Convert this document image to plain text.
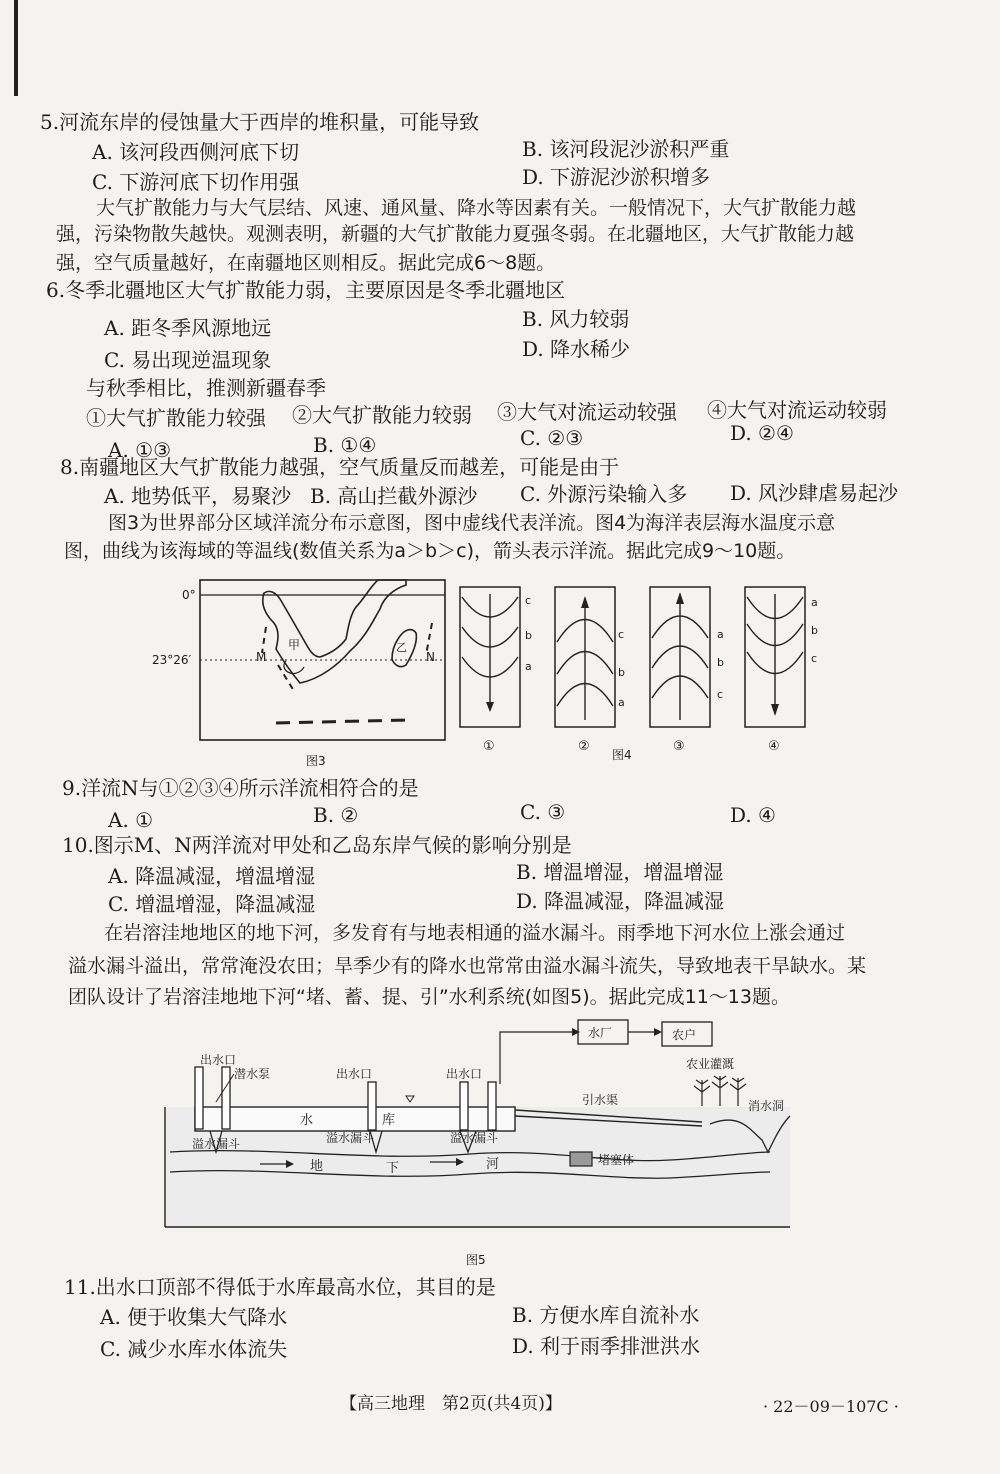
5.河流东岸的侵蚀量大于西岸的堆积量，可能导致
A. 该河段西侧河底下切	B. 该河段泥沙淤积严重
C. 下游河底下切作用强	D. 下游泥沙淤积增多
大气扩散能力与大气层结、风速、通风量、降水等因素有关。一般情况下，大气扩散能力越
强，污染物散失越快。观测表明，新疆的大气扩散能力夏强冬弱。在北疆地区，大气扩散能力越
强，空气质量越好，在南疆地区则相反。据此完成6～8题。
6.冬季北疆地区大气扩散能力弱，主要原因是冬季北疆地区
A. 距冬季风源地远	B. 风力较弱
C. 易出现逆温现象	D. 降水稀少
与秋季相比，推测新疆春季
①大气扩散能力较强 ②大气扩散能力较弱 ③大气对流运动较强 ④大气对流运动较弱
A. ①③	B. ①④	C. ②③	D. ②④
8.南疆地区大气扩散能力越强，空气质量反而越差，可能是由于
A. 地势低平，易聚沙 B. 高山拦截外源沙 C. 外源污染输入多 D. 风沙肆虐易起沙
图3为世界部分区域洋流分布示意图，图中虚线代表洋流。图4为海洋表层海水温度示意
图，曲线为该海域的等温线(数值关系为a＞b＞c)，箭头表示洋流。据此完成9～10题。
0°
23°26′	M	N
甲	乙
图3
c
b
a
①
c
b
a
②
a
b
c
③
a
b
c
④
图4
9.洋流N与①②③④所示洋流相符合的是
A. ①	B. ②	C. ③	D. ④
10.图示M、N两洋流对甲处和乙岛东岸气候的影响分别是
A. 降温减湿，增温增湿	B. 增温增湿，增温增湿
C. 增温增湿，降温减湿	D. 降温减湿，降温减湿
在岩溶洼地地区的地下河，多发育有与地表相通的溢水漏斗。雨季地下河水位上涨会通过
溢水漏斗溢出，常常淹没农田；旱季少有的降水也常常由溢水漏斗流失，导致地表干旱缺水。某
团队设计了岩溶洼地地下河“堵、蓄、提、引”水利系统(如图5)。据此完成11～13题。
水	库
出水口
出水口	出水口
潜水泵
溢水漏斗	溢水漏斗	溢水漏斗
地	下	河	堵塞体
水厂	农户
引水渠
农业灌溉
消水洞
图5
11.出水口顶部不得低于水库最高水位，其目的是
A. 便于收集大气降水	B. 方便水库自流补水
C. 减少水库水体流失	D. 利于雨季排泄洪水
【高三地理　第2页(共4页)】	· 22－09－107C ·
